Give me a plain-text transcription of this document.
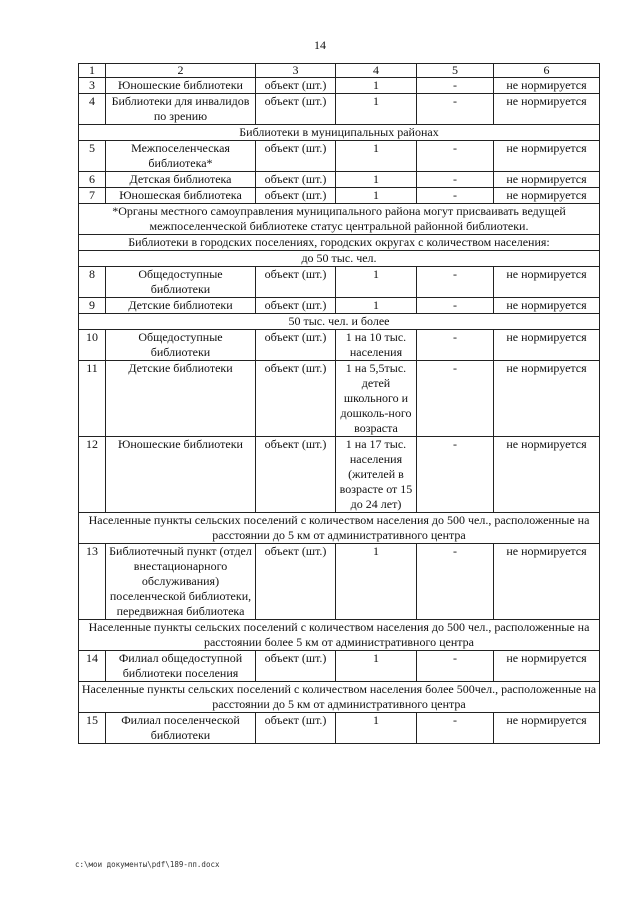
14
1	2	3	4	5	6
3	Юношеские библиотеки	объект (шт.)	1	-	не нормируется
4	Библиотеки для инвалидов по зрению	объект (шт.)	1	-	не нормируется
Библиотеки в муниципальных районах					
5	Межпоселенческая библиотека*	объект (шт.)	1	-	не нормируется
6	Детская библиотека	объект (шт.)	1	-	не нормируется
7	Юношеская библиотека	объект (шт.)	1	-	не нормируется
*Органы местного самоуправления муниципального района могут присваивать ведущей межпоселенческой библиотеке статус центральной районной библиотеки.					
Библиотеки в городских поселениях, городских округах с количеством населения:					
до 50 тыс. чел.					
8	Общедоступные библиотеки	объект (шт.)	1	-	не нормируется
9	Детские библиотеки	объект (шт.)	1	-	не нормируется
50 тыс. чел. и более					
10	Общедоступные библиотеки	объект (шт.)	1 на 10 тыс. населения	-	не нормируется
11	Детские библиотеки	объект (шт.)	1 на 5,5тыс. детей школьного и дошколь-ного возраста	-	не нормируется
12	Юношеские библиотеки	объект (шт.)	1 на 17 тыс. населения (жителей в возрасте от 15 до 24 лет)	-	не нормируется
Населенные пункты сельских поселений с количеством населения до 500 чел., расположенные на расстоянии до 5 км от административного центра					
13	Библиотечный пункт (отдел внестационарного обслуживания) поселенческой библиотеки, передвижная библиотека	объект (шт.)	1	-	не нормируется
Населенные пункты сельских поселений с количеством населения до 500 чел., расположенные на расстоянии более 5 км от административного центра					
14	Филиал общедоступной библиотеки поселения	объект (шт.)	1	-	не нормируется
Населенные пункты сельских поселений с количеством населения более 500чел., расположенные на расстоянии до 5 км от административного центра					
15	Филиал поселенческой библиотеки	объект (шт.)	1	-	не нормируется
c:\мои документы\pdf\189-пп.docx
